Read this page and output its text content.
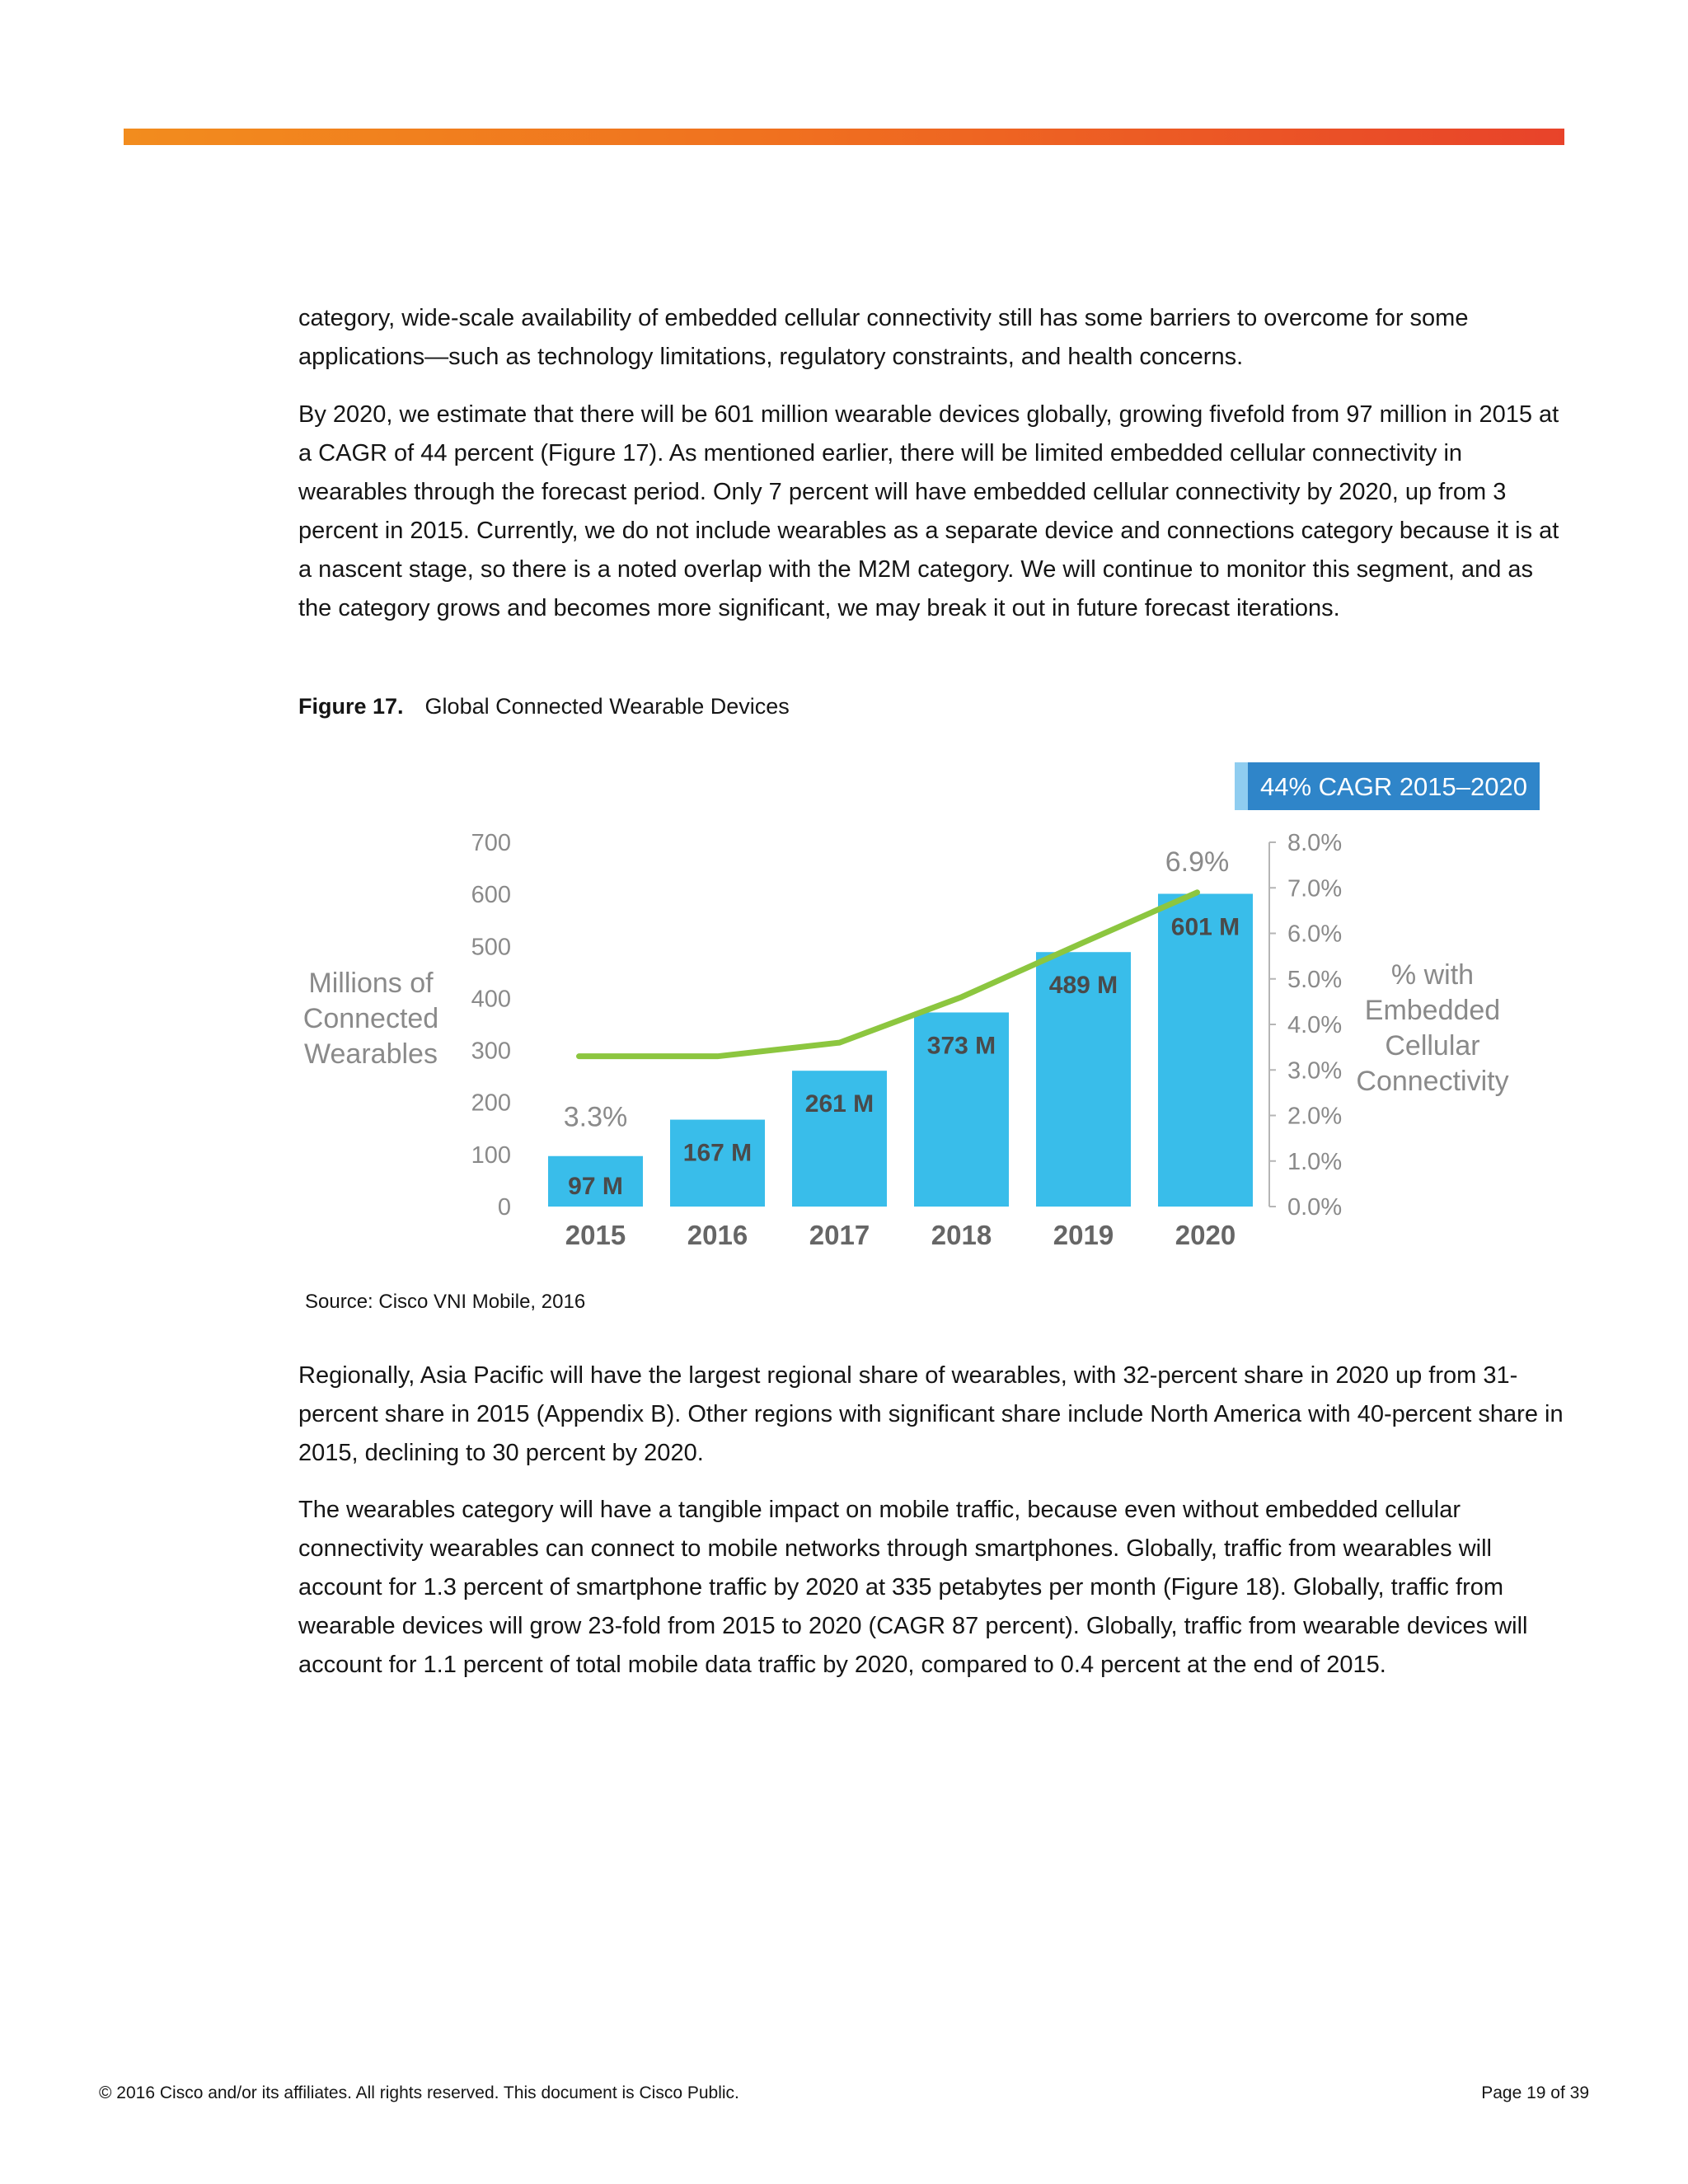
category, wide-scale availability of embedded cellular connectivity still has some barriers to overcome for some applications—such as technology limitations, regulatory constraints, and health concerns.

By 2020, we estimate that there will be 601 million wearable devices globally, growing fivefold from 97 million in 2015 at a CAGR of 44 percent (Figure 17). As mentioned earlier, there will be limited embedded cellular connectivity in wearables through the forecast period. Only 7 percent will have embedded cellular connectivity by 2020, up from 3 percent in 2015. Currently, we do not include wearables as a separate device and connections category because it is at a nascent stage, so there is a noted overlap with the M2M category. We will continue to monitor this segment, and as the category grows and becomes more significant, we may break it out in future forecast iterations.

Figure 17. Global Connected Wearable Devices
Millions of
Connected
Wearables
0
100
200
300
400
500
600
700
97 M
167 M
261 M
373 M
489 M
601 M
3.3%
6.9%
2015 2016 2017 2018 2019 2020
0.0%
1.0%
2.0%
3.0%
4.0%
5.0%
6.0%
7.0%
8.0%
% with
Embedded
Cellular
Connectivity
44% CAGR 2015–2020
Source: Cisco VNI Mobile, 2016

Regionally, Asia Pacific will have the largest regional share of wearables, with 32-percent share in 2020 up from 31-percent share in 2015 (Appendix B). Other regions with significant share include North America with 40-percent share in 2015, declining to 30 percent by 2020.

The wearables category will have a tangible impact on mobile traffic, because even without embedded cellular connectivity wearables can connect to mobile networks through smartphones. Globally, traffic from wearables will account for 1.3 percent of smartphone traffic by 2020 at 335 petabytes per month (Figure 18). Globally, traffic from wearable devices will grow 23-fold from 2015 to 2020 (CAGR 87 percent). Globally, traffic from wearable devices will account for 1.1 percent of total mobile data traffic by 2020, compared to 0.4 percent at the end of 2015.

© 2016 Cisco and/or its affiliates. All rights reserved. This document is Cisco Public.	Page 19 of 39
